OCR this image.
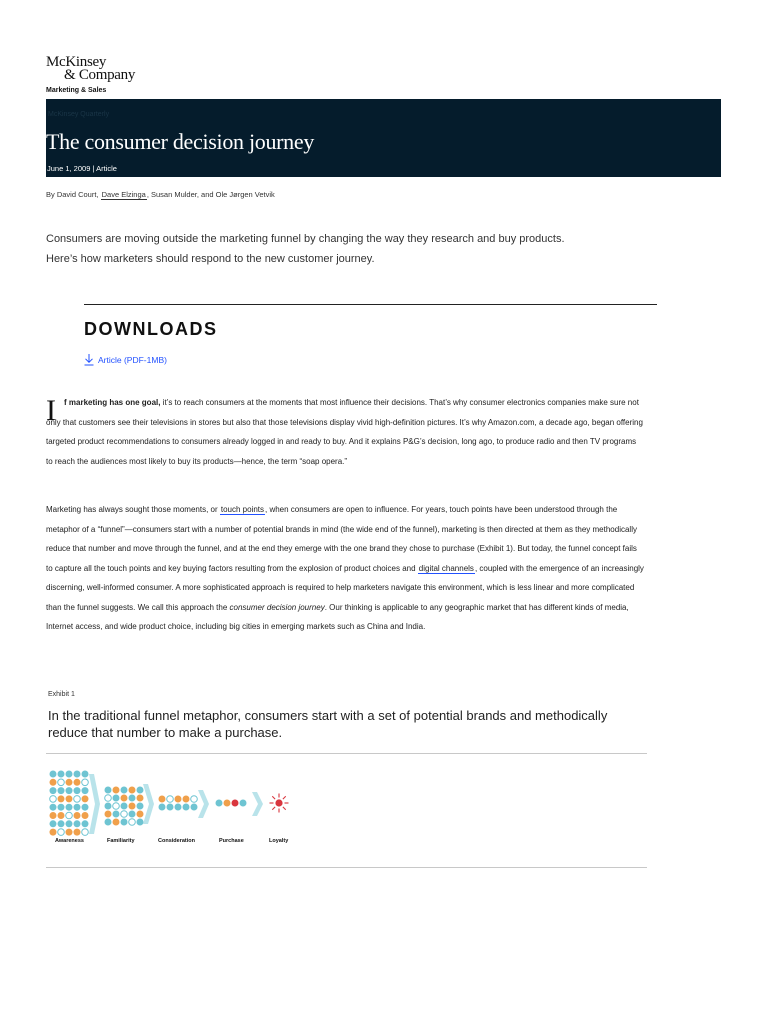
McKinsey
& Company
Marketing & Sales
McKinsey Quarterly
The consumer decision journey
June 1, 2009 | Article
By David Court, Dave Elzinga, Susan Mulder, and Ole Jørgen Vetvik
Consumers are moving outside the marketing funnel by changing the way they research and buy products.
Here’s how marketers should respond to the new customer journey.
DOWNLOADS
Article (PDF-1MB)
I	f marketing has one goal, it’s to reach consumers at the moments that most influence their decisions. That’s why consumer electronics companies make sure not only that customers see their televisions in stores but also that those televisions display vivid high-definition pictures. It’s why Amazon.com, a decade ago, began offering targeted product recommendations to consumers already logged in and ready to buy. And it explains P&G’s decision, long ago, to produce radio and then TV programs to reach the audiences most likely to buy its products—hence, the term “soap opera.”
Marketing has always sought those moments, or touch points, when consumers are open to influence. For years, touch points have been understood through the metaphor of a “funnel”—consumers start with a number of potential brands in mind (the wide end of the funnel), marketing is then directed at them as they methodically reduce that number and move through the funnel, and at the end they emerge with the one brand they chose to purchase (Exhibit 1). But today, the funnel concept fails to capture all the touch points and key buying factors resulting from the explosion of product choices and digital channels, coupled with the emergence of an increasingly discerning, well-informed consumer. A more sophisticated approach is required to help marketers navigate this environment, which is less linear and more complicated than the funnel suggests. We call this approach the consumer decision journey. Our thinking is applicable to any geographic market that has different kinds of media, Internet access, and wide product choice, including big cities in emerging markets such as China and India.
Exhibit 1
In the traditional funnel metaphor, consumers start with a set of potential brands and methodically reduce that number to make a purchase.
Awareness	Familiarity	Consideration	Purchase	Loyalty
